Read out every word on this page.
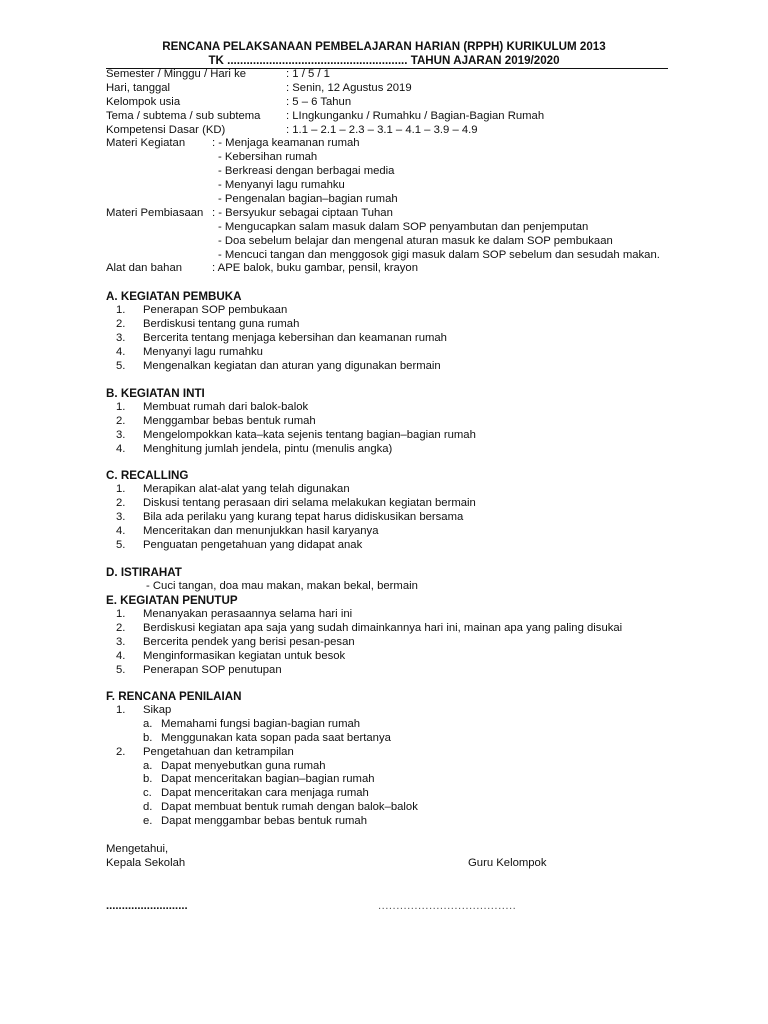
RENCANA PELAKSANAAN PEMBELAJARAN HARIAN (RPPH) KURIKULUM 2013
TK ........................................................ TAHUN AJARAN 2019/2020
Semester / Minggu / Hari ke	: 1 / 5 / 1
Hari, tanggal	: Senin, 12 Agustus 2019
Kelompok usia	: 5 – 6 Tahun
Tema / subtema / sub subtema : LIngkunganku / Rumahku / Bagian-Bagian Rumah
Kompetensi Dasar (KD)	: 1.1 – 2.1 – 2.3 – 3.1 – 4.1 – 3.9 – 4.9
Materi Kegiatan : - Menjaga keamanan rumah
- Kebersihan rumah
- Berkreasi dengan berbagai media
- Menyanyi lagu rumahku
- Pengenalan bagian–bagian rumah
Materi Pembiasaan : - Bersyukur sebagai ciptaan Tuhan
- Mengucapkan salam masuk dalam SOP penyambutan dan penjemputan
- Doa sebelum belajar dan mengenal aturan masuk ke dalam SOP pembukaan
- Mencuci tangan dan menggosok gigi masuk dalam SOP sebelum dan sesudah makan.
Alat dan bahan	: APE balok, buku gambar, pensil, krayon
A. KEGIATAN PEMBUKA
1.	Penerapan SOP pembukaan
2.	Berdiskusi tentang guna rumah
3.	Bercerita tentang menjaga kebersihan dan keamanan rumah
4.	Menyanyi lagu rumahku
5.	Mengenalkan kegiatan dan aturan yang digunakan bermain
B. KEGIATAN INTI
1.	Membuat rumah dari balok-balok
2.	Menggambar bebas bentuk rumah
3.	Mengelompokkan kata–kata sejenis tentang bagian–bagian rumah
4.	Menghitung jumlah jendela, pintu (menulis angka)
C. RECALLING
1.	Merapikan alat-alat yang telah digunakan
2.	Diskusi tentang perasaan diri selama melakukan kegiatan bermain
3.	Bila ada perilaku yang kurang tepat harus didiskusikan bersama
4.	Menceritakan dan menunjukkan hasil karyanya
5.	Penguatan pengetahuan yang didapat anak
D. ISTIRAHAT
- Cuci tangan, doa mau makan, makan bekal, bermain
E. KEGIATAN PENUTUP
1.	Menanyakan perasaannya selama hari ini
2.	Berdiskusi kegiatan apa saja yang sudah dimainkannya hari ini, mainan apa yang paling disukai
3.	Bercerita pendek yang berisi pesan-pesan
4.	Menginformasikan kegiatan untuk besok
5.	Penerapan SOP penutupan
F. RENCANA PENILAIAN
1.	Sikap
a. Memahami fungsi bagian-bagian rumah
b. Menggunakan kata sopan pada saat bertanya
2.	Pengetahuan dan ketrampilan
a. Dapat menyebutkan guna rumah
b. Dapat menceritakan bagian–bagian rumah
c. Dapat menceritakan cara menjaga rumah
d. Dapat membuat bentuk rumah dengan balok–balok
e. Dapat menggambar bebas bentuk rumah
Mengetahui,
Kepala Sekolah	Guru Kelompok
..........................	......................................
